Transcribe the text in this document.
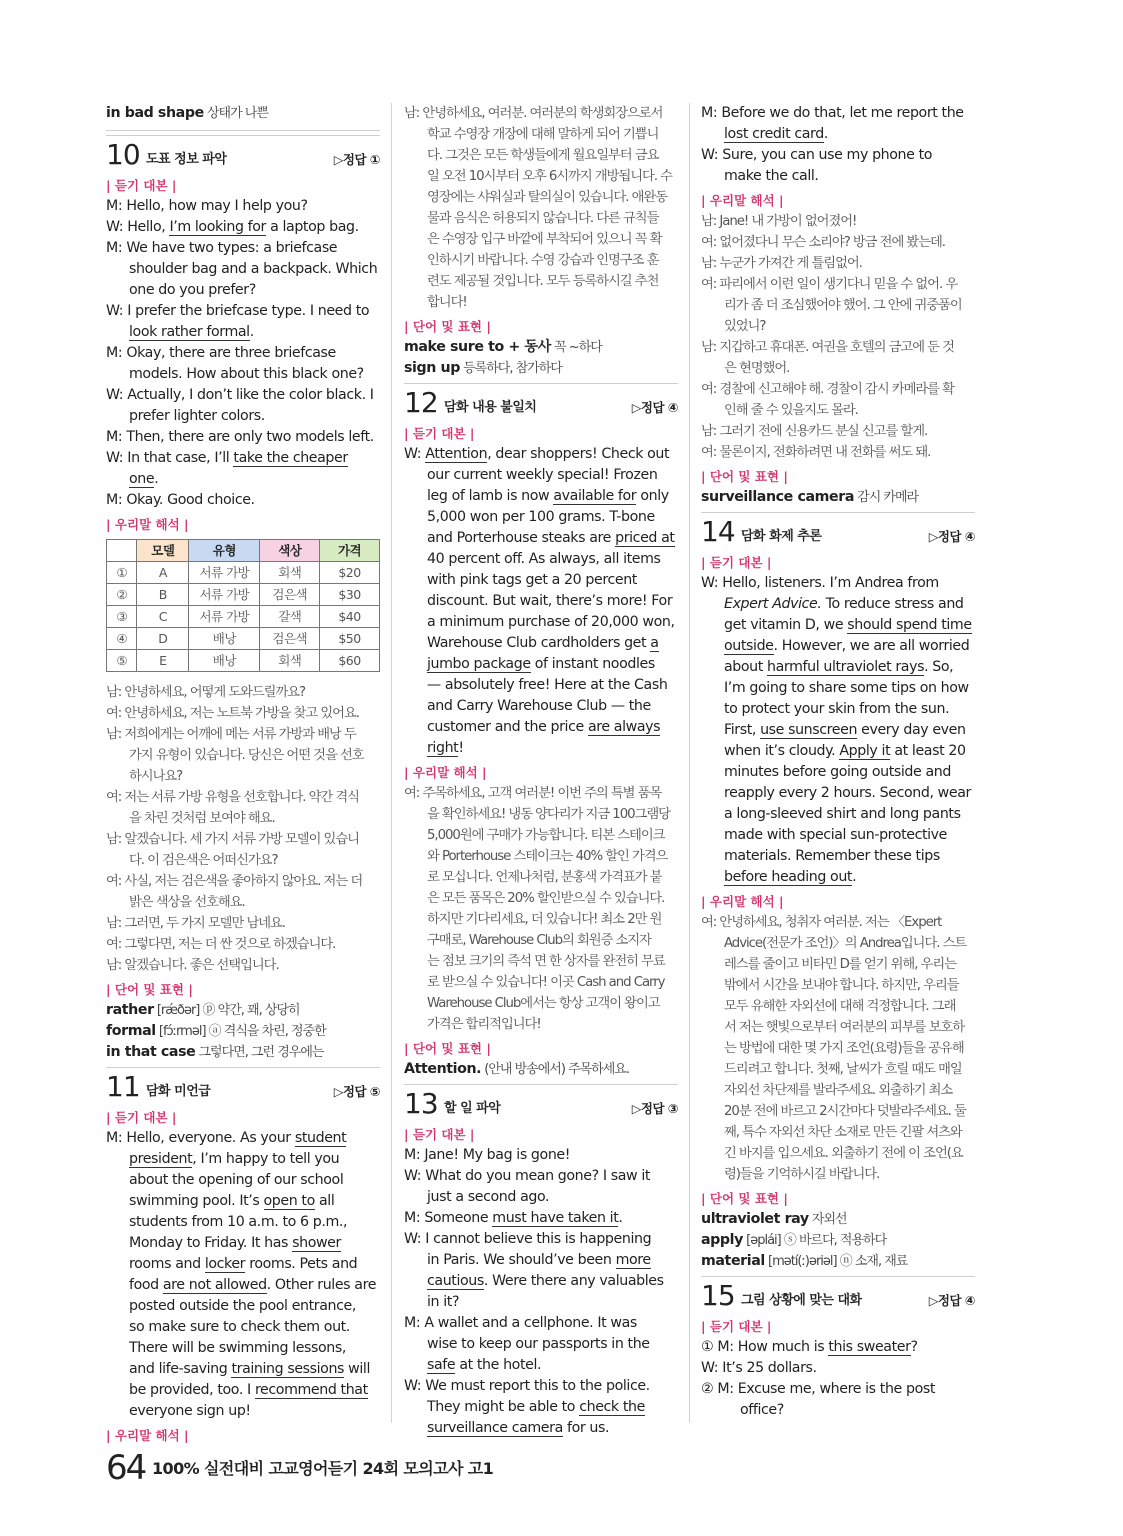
in bad shape 상태가 나쁜
10 도표 정보 파악	▷정답 ①
| 듣기 대본 |
M: Hello, how may I help you?
W: Hello, I’m looking for a laptop bag.
M: We have two types: a briefcase
shoulder bag and a backpack. Which
one do you prefer?
W: I prefer the briefcase type. I need to
look rather formal.
M: Okay, there are three briefcase
models. How about this black one?
W: Actually, I don’t like the color black. I
prefer lighter colors.
M: Then, there are only two models left.
W: In that case, I’ll take the cheaper
one.
M: Okay. Good choice.
| 우리말 해석 |
	모델	유형	색상	가격
①	A	서류 가방	회색	$20
②	B	서류 가방	검은색	$30
③	C	서류 가방	갈색	$40
④	D	배낭	검은색	$50
⑤	E	배낭	회색	$60
남: 안녕하세요, 어떻게 도와드릴까요?
여: 안녕하세요, 저는 노트북 가방을 찾고 있어요.
남: 저희에게는 어깨에 메는 서류 가방과 배낭 두
가지 유형이 있습니다. 당신은 어떤 것을 선호
하시나요?
여: 저는 서류 가방 유형을 선호합니다. 약간 격식
을 차린 것처럼 보여야 해요.
남: 알겠습니다. 세 가지 서류 가방 모델이 있습니
다. 이 검은색은 어떠신가요?
여: 사실, 저는 검은색을 좋아하지 않아요. 저는 더
밝은 색상을 선호해요.
남: 그러면, 두 가지 모델만 남네요.
여: 그렇다면, 저는 더 싼 것으로 하겠습니다.
남: 알겠습니다. 좋은 선택입니다.
| 단어 및 표현 |
rather [rǽðər] ⓟ 약간, 꽤, 상당히
formal [fɔ́ːrməl] ⓐ 격식을 차린, 정중한
in that case 그렇다면, 그런 경우에는
11 담화 미언급	▷정답 ⑤
| 듣기 대본 |
M: Hello, everyone. As your student
president, I’m happy to tell you
about the opening of our school
swimming pool. It’s open to all
students from 10 a.m. to 6 p.m.,
Monday to Friday. It has shower
rooms and locker rooms. Pets and
food are not allowed. Other rules are
posted outside the pool entrance,
so make sure to check them out.
There will be swimming lessons,
and life-saving training sessions will
be provided, too. I recommend that
everyone sign up!
| 우리말 해석 |
남: 안녕하세요, 여러분. 여러분의 학생회장으로서
학교 수영장 개장에 대해 말하게 되어 기쁩니
다. 그것은 모든 학생들에게 월요일부터 금요
일 오전 10시부터 오후 6시까지 개방됩니다. 수
영장에는 샤워실과 탈의실이 있습니다. 애완동
물과 음식은 허용되지 않습니다. 다른 규칙들
은 수영장 입구 바깥에 부착되어 있으니 꼭 확
인하시기 바랍니다. 수영 강습과 인명구조 훈
련도 제공될 것입니다. 모두 등록하시길 추천
합니다!
| 단어 및 표현 |
make sure to + 동사 꼭 ~하다
sign up 등록하다, 참가하다
12 담화 내용 불일치	▷정답 ④
| 듣기 대본 |
W: Attention, dear shoppers! Check out
our current weekly special! Frozen
leg of lamb is now available for only
5,000 won per 100 grams. T-bone
and Porterhouse steaks are priced at
40 percent off. As always, all items
with pink tags get a 20 percent
discount. But wait, there’s more! For
a minimum purchase of 20,000 won,
Warehouse Club cardholders get a
jumbo package of instant noodles
— absolutely free! Here at the Cash
and Carry Warehouse Club — the
customer and the price are always
right!
| 우리말 해석 |
여: 주목하세요, 고객 여러분! 이번 주의 특별 품목
을 확인하세요! 냉동 양다리가 지금 100그램당
5,000원에 구매가 가능합니다. 티본 스테이크
와 Porterhouse 스테이크는 40% 할인 가격으
로 모십니다. 언제나처럼, 분홍색 가격표가 붙
은 모든 품목은 20% 할인받으실 수 있습니다.
하지만 기다리세요, 더 있습니다! 최소 2만 원
구매로, Warehouse Club의 회원증 소지자
는 점보 크기의 즉석 면 한 상자를 완전히 무료
로 받으실 수 있습니다! 이곳 Cash and Carry
Warehouse Club에서는 항상 고객이 왕이고
가격은 합리적입니다!
| 단어 및 표현 |
Attention. (안내 방송에서) 주목하세요.
13 할 일 파악	▷정답 ③
| 듣기 대본 |
M: Jane! My bag is gone!
W: What do you mean gone? I saw it
just a second ago.
M: Someone must have taken it.
W: I cannot believe this is happening
in Paris. We should’ve been more
cautious. Were there any valuables
in it?
M: A wallet and a cellphone. It was
wise to keep our passports in the
safe at the hotel.
W: We must report this to the police.
They might be able to check the
surveillance camera for us.
M: Before we do that, let me report the
lost credit card.
W: Sure, you can use my phone to
make the call.
| 우리말 해석 |
남: Jane! 내 가방이 없어졌어!
여: 없어졌다니 무슨 소리야? 방금 전에 봤는데.
남: 누군가 가져간 게 틀림없어.
여: 파리에서 이런 일이 생기다니 믿을 수 없어. 우
리가 좀 더 조심했어야 했어. 그 안에 귀중품이
있었니?
남: 지갑하고 휴대폰. 여권을 호텔의 금고에 둔 것
은 현명했어.
여: 경찰에 신고해야 해. 경찰이 감시 카메라를 확
인해 줄 수 있을지도 몰라.
남: 그러기 전에 신용카드 분실 신고를 할게.
여: 물론이지, 전화하려면 내 전화를 써도 돼.
| 단어 및 표현 |
surveillance camera 감시 카메라
14 담화 화제 추론	▷정답 ④
| 듣기 대본 |
W: Hello, listeners. I’m Andrea from
Expert Advice. To reduce stress and
get vitamin D, we should spend time
outside. However, we are all worried
about harmful ultraviolet rays. So,
I’m going to share some tips on how
to protect your skin from the sun.
First, use sunscreen every day even
when it’s cloudy. Apply it at least 20
minutes before going outside and
reapply every 2 hours. Second, wear
a long-sleeved shirt and long pants
made with special sun-protective
materials. Remember these tips
before heading out.
| 우리말 해석 |
여: 안녕하세요, 청취자 여러분. 저는 〈Expert
Advice(전문가 조언)〉의 Andrea입니다. 스트
레스를 줄이고 비타민 D를 얻기 위해, 우리는
밖에서 시간을 보내야 합니다. 하지만, 우리들
모두 유해한 자외선에 대해 걱정합니다. 그래
서 저는 햇빛으로부터 여러분의 피부를 보호하
는 방법에 대한 몇 가지 조언(요령)들을 공유해
드리려고 합니다. 첫째, 날씨가 흐릴 때도 매일
자외선 차단제를 발라주세요. 외출하기 최소
20분 전에 바르고 2시간마다 덧발라주세요. 둘
째, 특수 자외선 차단 소재로 만든 긴팔 셔츠와
긴 바지를 입으세요. 외출하기 전에 이 조언(요
령)들을 기억하시길 바랍니다.
| 단어 및 표현 |
ultraviolet ray 자외선
apply [əplái] ⓢ 바르다, 적용하다
material [mətí(ː)əriəl] ⓝ 소재, 재료
15 그림 상황에 맞는 대화	▷정답 ④
| 듣기 대본 |
① M: How much is this sweater?
W: It’s 25 dollars.
② M: Excuse me, where is the post
office?
64 100% 실전대비 고교영어듣기 24회 모의고사 고1
